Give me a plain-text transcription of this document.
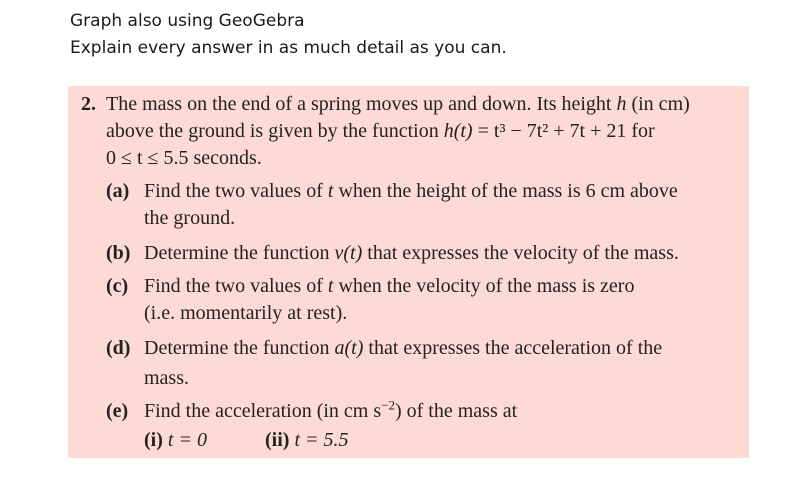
Graph also using GeoGebra
Explain every answer in as much detail as you can.
2. The mass on the end of a spring moves up and down. Its height h (in cm)
above the ground is given by the function h(t) = t³ − 7t² + 7t + 21 for
0 ≤ t ≤ 5.5 seconds.
(a) Find the two values of t when the height of the mass is 6 cm above
the ground.
(b) Determine the function v(t) that expresses the velocity of the mass.
(c) Find the two values of t when the velocity of the mass is zero
(i.e. momentarily at rest).
(d) Determine the function a(t) that expresses the acceleration of the
mass.
(e) Find the acceleration (in cm $s^{-2}$) of the mass at
(i) t = 0	(ii) t = 5.5
